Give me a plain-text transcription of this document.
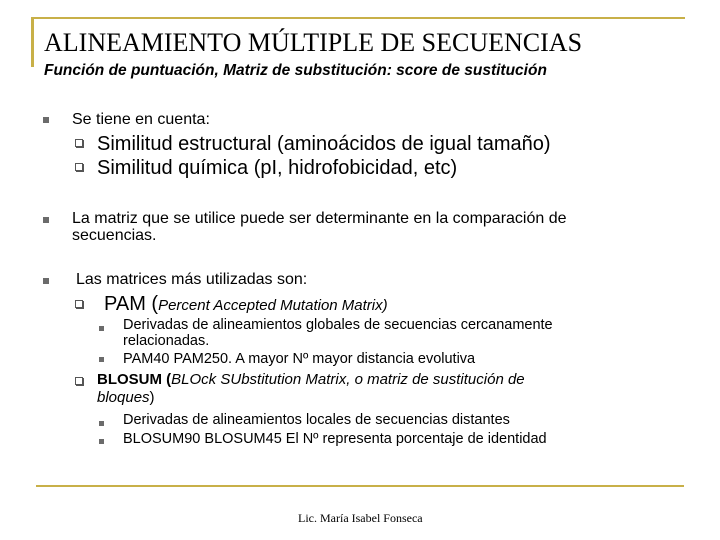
ALINEAMIENTO MÚLTIPLE DE SECUENCIAS
Función de puntuación, Matriz de substitución: score de sustitución
Se tiene en cuenta:
Similitud estructural (aminoácidos de igual tamaño)
Similitud química (pI, hidrofobicidad, etc)
La matriz que se utilice puede ser determinante en la comparación de
secuencias.
Las matrices más utilizadas son:
PAM (Percent Accepted Mutation Matrix)
Derivadas de alineamientos globales de secuencias cercanamente
relacionadas.
PAM40 PAM250. A mayor Nº mayor distancia evolutiva
BLOSUM (BLOck SUbstitution Matrix, o matriz de sustitución de
bloques)
Derivadas de alineamientos locales de secuencias distantes
BLOSUM90 BLOSUM45 El Nº representa porcentaje de identidad
Lic. María Isabel Fonseca
